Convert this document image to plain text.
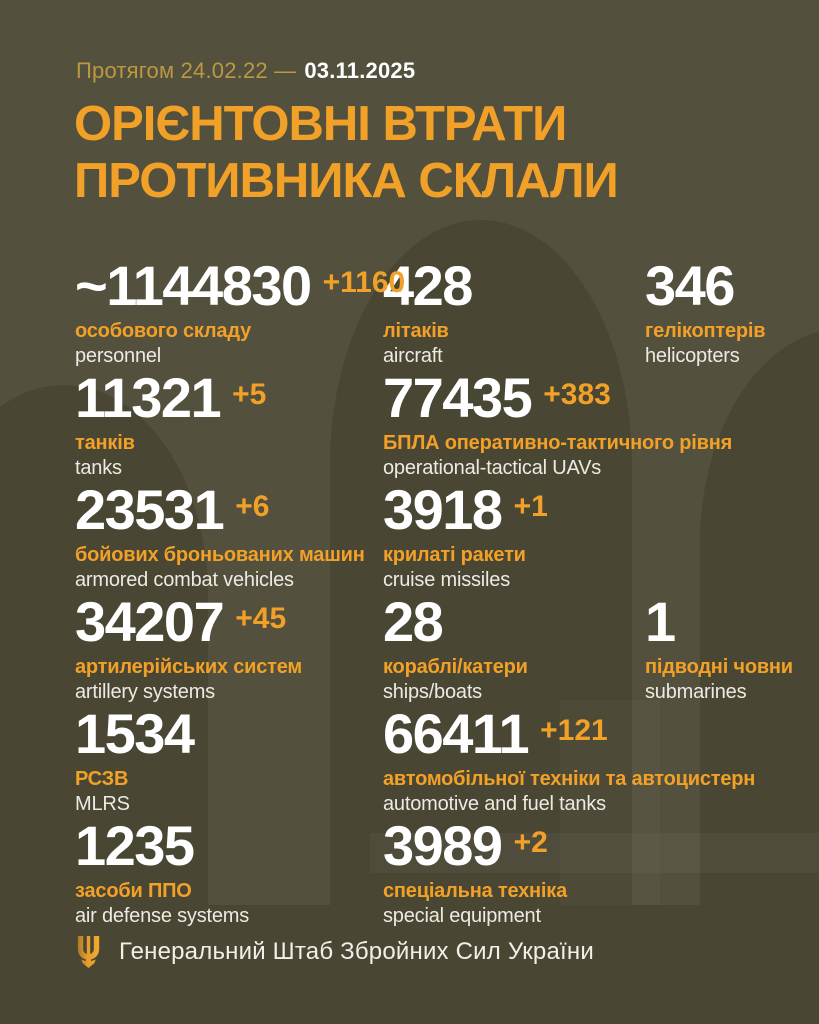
Протягом 24.02.22 — 03.11.2025
ОРІЄНТОВНІ ВТРАТИ
ПРОТИВНИКА СКЛАЛИ
~1144830 +1160
особового складу
personnel
428
літаків
aircraft
346
гелікоптерів
helicopters
11321 +5
танків
tanks
77435 +383
БПЛА оперативно-тактичного рівня
operational-tactical UAVs
23531 +6
бойових броньованих машин
armored combat vehicles
3918 +1
крилаті ракети
cruise missiles
34207 +45
артилерійських систем
artillery systems
28
кораблі/катери
ships/boats
1
підводні човни
submarines
1534
РСЗВ
MLRS
66411 +121
автомобільної техніки та автоцистерн
automotive and fuel tanks
1235
засоби ППО
air defense systems
3989 +2
спеціальна техніка
special equipment
Генеральний Штаб Збройних Сил України
